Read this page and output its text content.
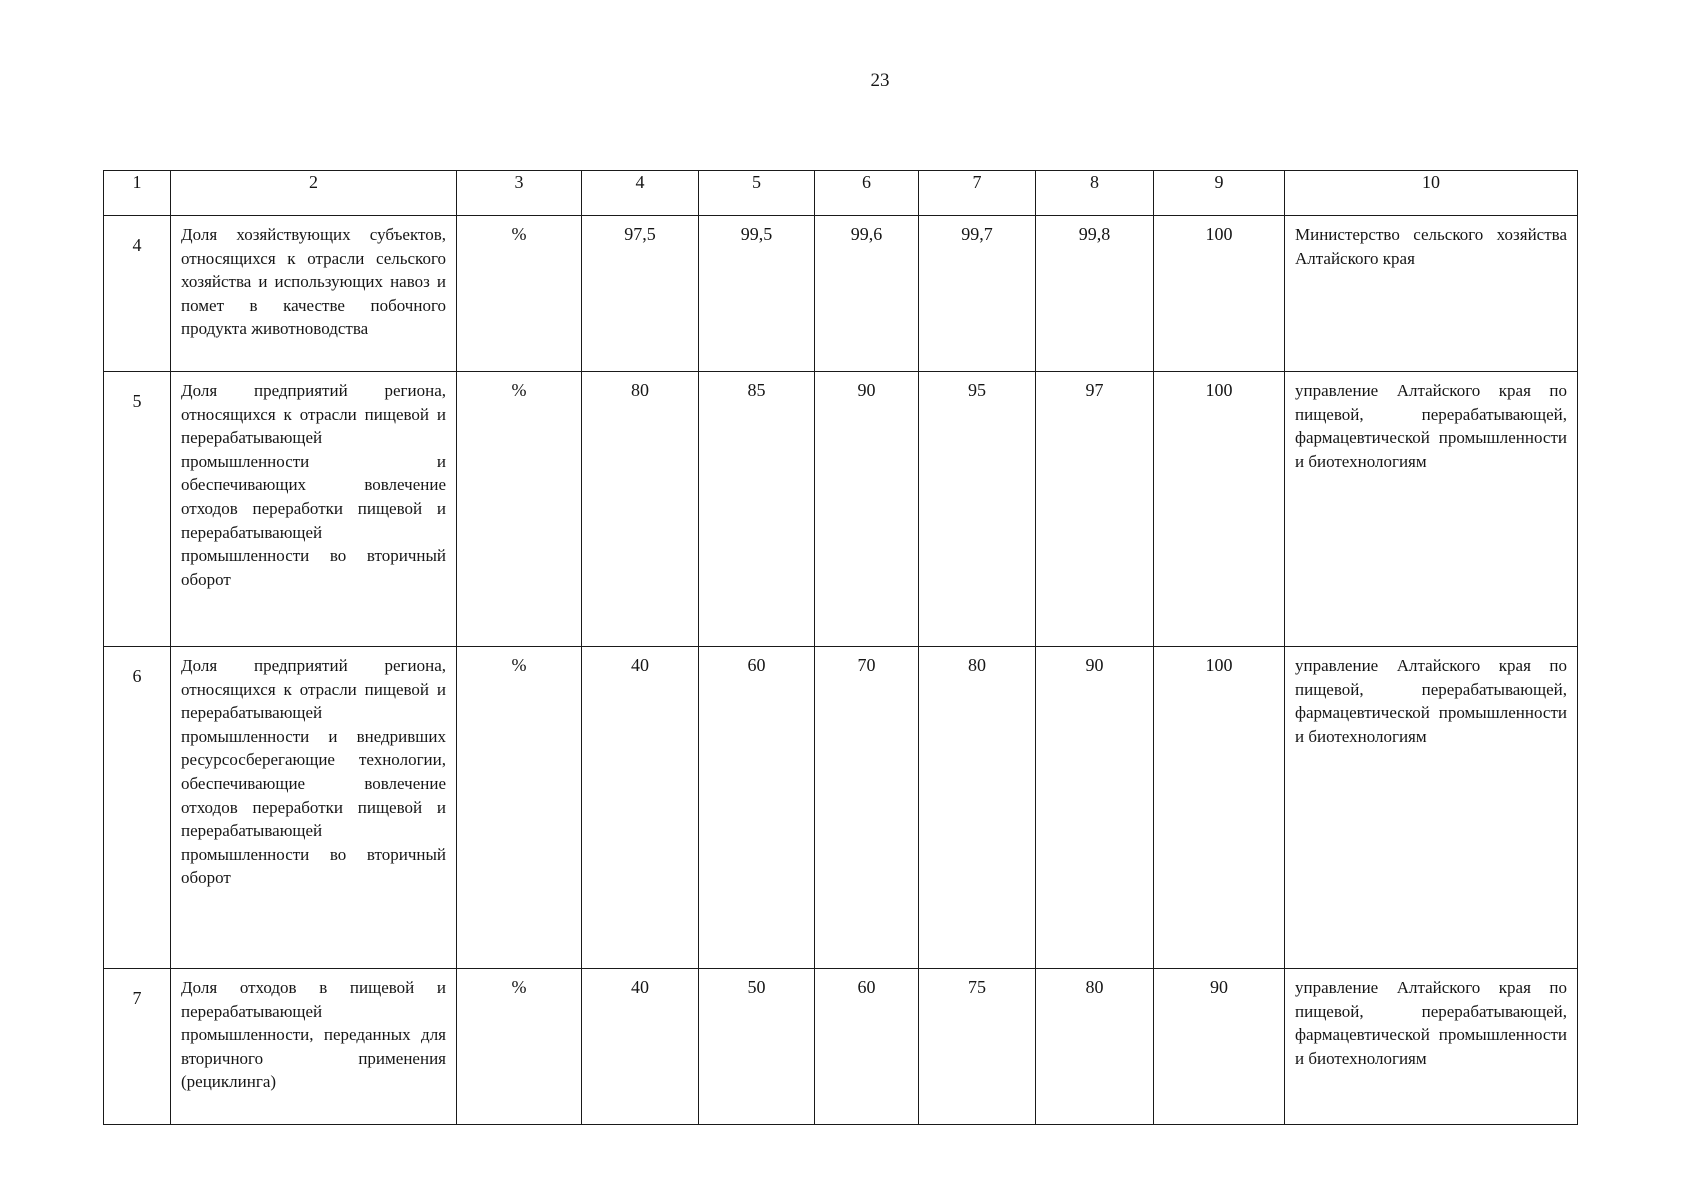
23
1	2	3	4	5	6	7	8	9	10
4	Доля хозяйствующих субъектов, относящихся к отрасли сельского хозяйства и использующих навоз и помет в качестве побочного продукта животноводства	%	97,5	99,5	99,6	99,7	99,8	100	Министерство сельского хозяйства Алтайского края
5	Доля предприятий региона, относящихся к отрасли пищевой и перерабатывающей промышленности и обеспечивающих вовлечение отходов переработки пищевой и перерабатывающей промышленности во вторичный оборот	%	80	85	90	95	97	100	управление Алтайского края по пищевой, перерабатывающей, фармацевтической промышленности и биотехнологиям
6	Доля предприятий региона, относящихся к отрасли пищевой и перерабатывающей промышленности и внедривших ресурсосберегающие технологии, обеспечивающие вовлечение отходов переработки пищевой и перерабатывающей промышленности во вторичный оборот	%	40	60	70	80	90	100	управление Алтайского края по пищевой, перерабатывающей, фармацевтической промышленности и биотехнологиям
7	Доля отходов в пищевой и перерабатывающей промышленности, переданных для вторичного применения (рециклинга)	%	40	50	60	75	80	90	управление Алтайского края по пищевой, перерабатывающей, фармацевтической промышленности и биотехнологиям
